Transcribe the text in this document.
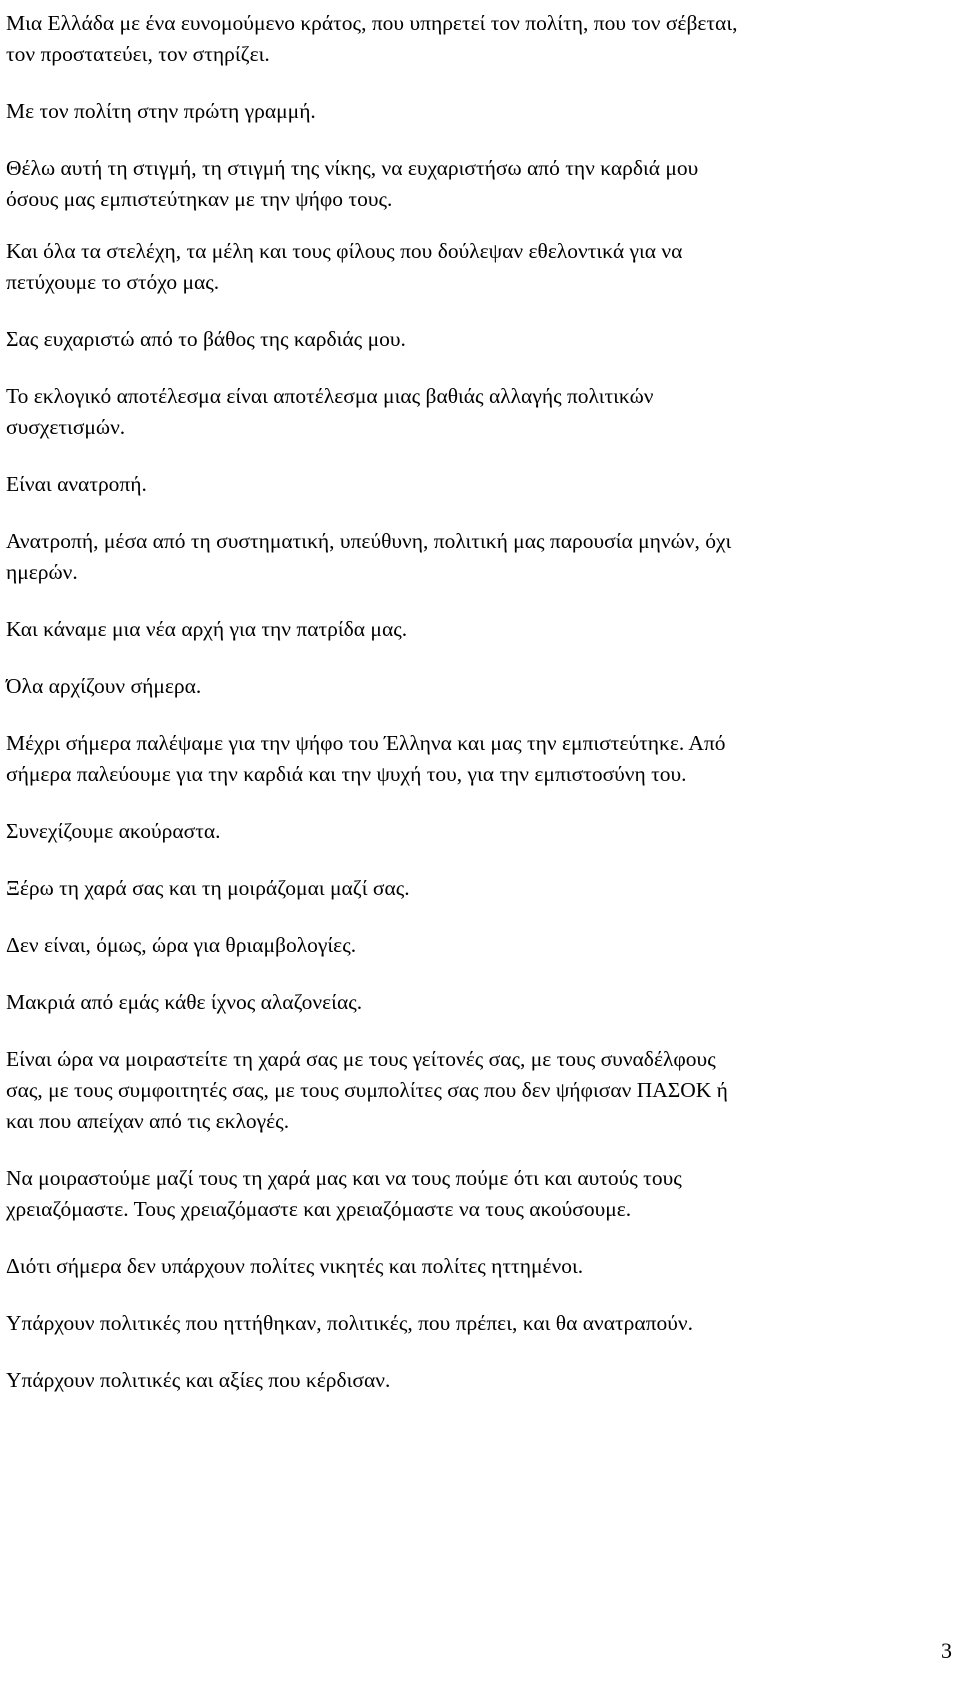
Μια Ελλάδα με ένα ευνομούμενο κράτος, που υπηρετεί τον πολίτη, που τον σέβεται,
τον προστατεύει, τον στηρίζει.

Με τον πολίτη στην πρώτη γραμμή.

Θέλω αυτή τη στιγμή, τη στιγμή της νίκης, να ευχαριστήσω από την καρδιά μου
όσους μας εμπιστεύτηκαν με την ψήφο τους.

Και όλα τα στελέχη, τα μέλη και τους φίλους που δούλεψαν εθελοντικά για να
πετύχουμε το στόχο μας.

Σας ευχαριστώ από το βάθος της καρδιάς μου.

Το εκλογικό αποτέλεσμα είναι αποτέλεσμα μιας βαθιάς αλλαγής πολιτικών
συσχετισμών.

Είναι ανατροπή.

Ανατροπή, μέσα από τη συστηματική, υπεύθυνη, πολιτική μας παρουσία μηνών, όχι
ημερών.

Και κάναμε μια νέα αρχή για την πατρίδα μας.

Όλα αρχίζουν σήμερα.

Μέχρι σήμερα παλέψαμε για την ψήφο του Έλληνα και μας την εμπιστεύτηκε. Από
σήμερα παλεύουμε για την καρδιά και την ψυχή του, για την εμπιστοσύνη του.

Συνεχίζουμε ακούραστα.

Ξέρω τη χαρά σας και τη μοιράζομαι μαζί σας.

Δεν είναι, όμως, ώρα για θριαμβολογίες.

Μακριά από εμάς κάθε ίχνος αλαζονείας.

Είναι ώρα να μοιραστείτε τη χαρά σας με τους γείτονές σας, με τους συναδέλφους
σας, με τους συμφοιτητές σας, με τους συμπολίτες σας που δεν ψήφισαν ΠΑΣΟΚ ή
και που απείχαν από τις εκλογές.

Να μοιραστούμε μαζί τους τη χαρά μας και να τους πούμε ότι και αυτούς τους
χρειαζόμαστε. Τους χρειαζόμαστε και χρειαζόμαστε να τους ακούσουμε.

Διότι σήμερα δεν υπάρχουν πολίτες νικητές και πολίτες ηττημένοι.

Υπάρχουν πολιτικές που ηττήθηκαν, πολιτικές, που πρέπει, και θα ανατραπούν.

Υπάρχουν πολιτικές και αξίες που κέρδισαν.

3
